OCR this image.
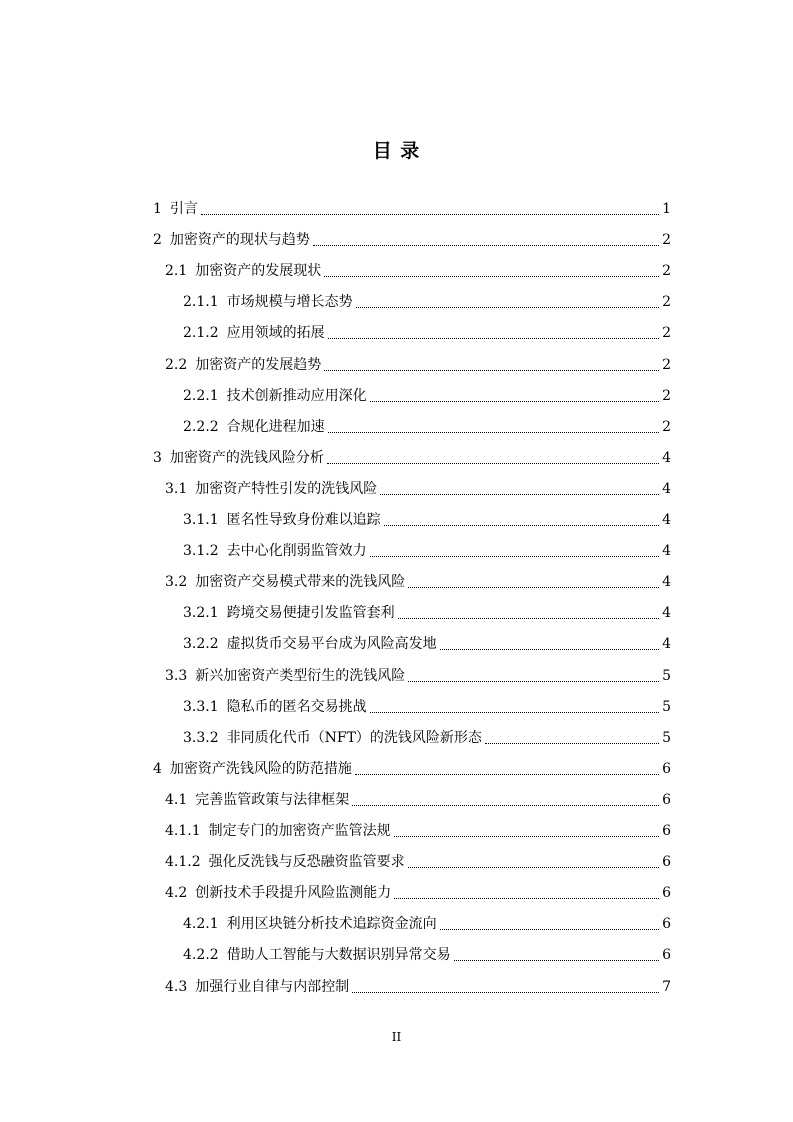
目 录
1 引言	1
2 加密资产的现状与趋势	2
2.1 加密资产的发展现状	2
2.1.1 市场规模与增长态势	2
2.1.2 应用领域的拓展	2
2.2 加密资产的发展趋势	2
2.2.1 技术创新推动应用深化	2
2.2.2 合规化进程加速	2
3 加密资产的洗钱风险分析	4
3.1 加密资产特性引发的洗钱风险	4
3.1.1 匿名性导致身份难以追踪	4
3.1.2 去中心化削弱监管效力	4
3.2 加密资产交易模式带来的洗钱风险	4
3.2.1 跨境交易便捷引发监管套利	4
3.2.2 虚拟货币交易平台成为风险高发地	4
3.3 新兴加密资产类型衍生的洗钱风险	5
3.3.1 隐私币的匿名交易挑战	5
3.3.2 非同质化代币（NFT）的洗钱风险新形态	5
4 加密资产洗钱风险的防范措施	6
4.1 完善监管政策与法律框架	6
4.1.1 制定专门的加密资产监管法规	6
4.1.2 强化反洗钱与反恐融资监管要求	6
4.2 创新技术手段提升风险监测能力	6
4.2.1 利用区块链分析技术追踪资金流向	6
4.2.2 借助人工智能与大数据识别异常交易	6
4.3 加强行业自律与内部控制	7
II
